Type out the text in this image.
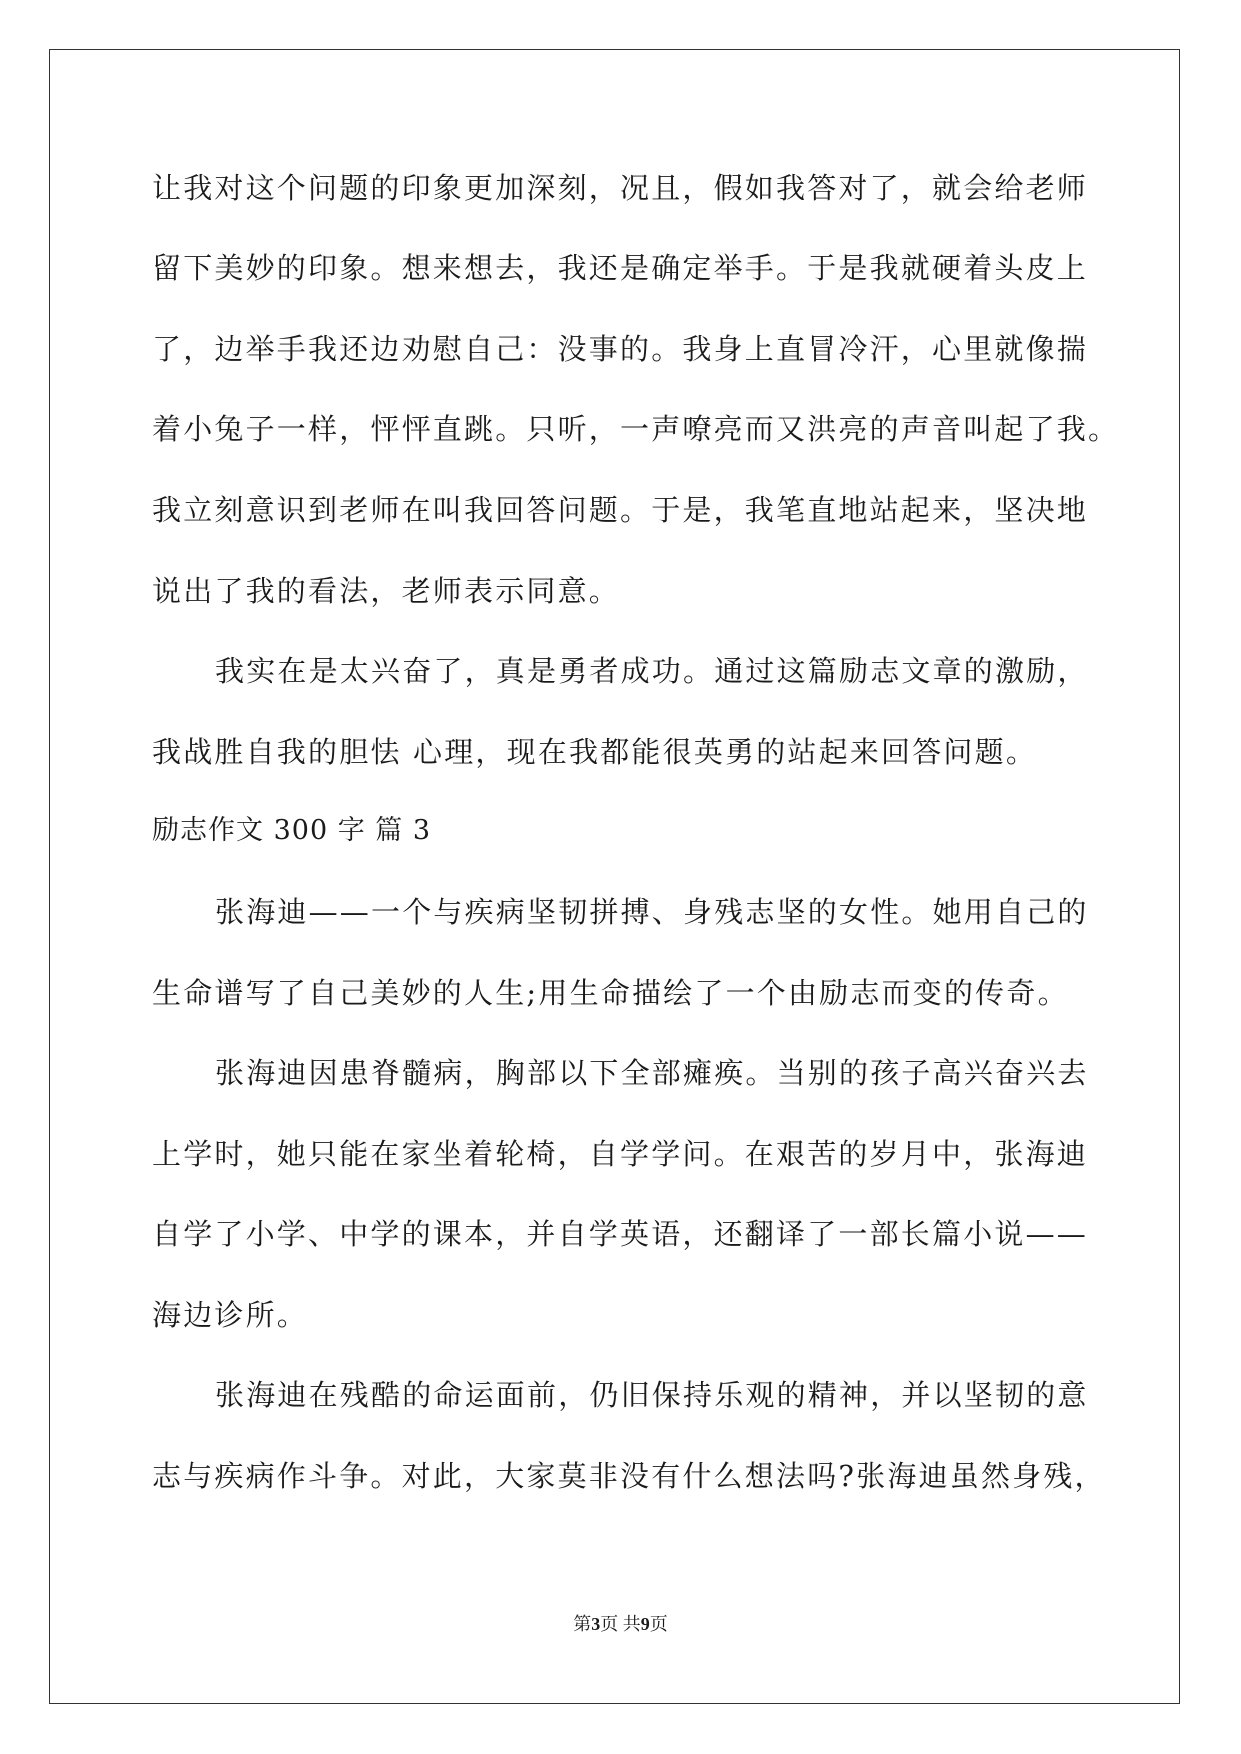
让我对这个问题的印象更加深刻，况且，假如我答对了，就会给老师
留下美妙的印象。想来想去，我还是确定举手。于是我就硬着头皮上
了，边举手我还边劝慰自己：没事的。我身上直冒冷汗，心里就像揣
着小兔子一样，怦怦直跳。只听，一声嘹亮而又洪亮的声音叫起了我。
我立刻意识到老师在叫我回答问题。于是，我笔直地站起来，坚决地
说出了我的看法，老师表示同意。
我实在是太兴奋了，真是勇者成功。通过这篇励志文章的激励，
我战胜自我的胆怯 心理，现在我都能很英勇的站起来回答问题。
励志作文 300 字 篇 3
张海迪——一个与疾病坚韧拼搏、身残志坚的女性。她用自己的
生命谱写了自己美妙的人生;用生命描绘了一个由励志而变的传奇。
张海迪因患脊髓病，胸部以下全部瘫痪。当别的孩子高兴奋兴去
上学时，她只能在家坐着轮椅，自学学问。在艰苦的岁月中，张海迪
自学了小学、中学的课本，并自学英语，还翻译了一部长篇小说——
海边诊所。
张海迪在残酷的命运面前，仍旧保持乐观的精神，并以坚韧的意
志与疾病作斗争。对此，大家莫非没有什么想法吗?张海迪虽然身残，
第3页 共9页
